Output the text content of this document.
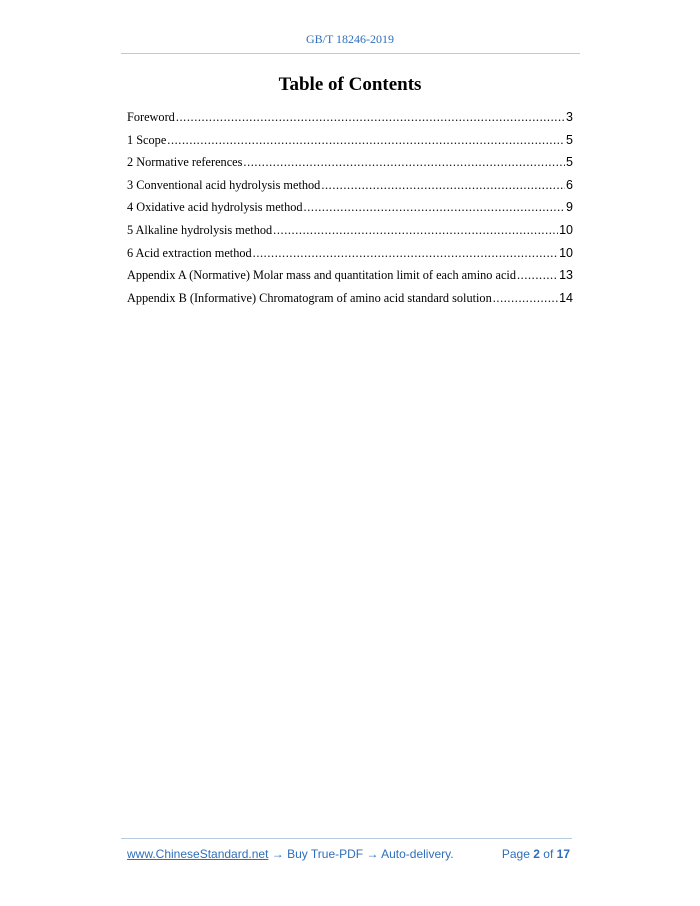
GB/T 18246-2019
Table of Contents
Foreword .....	3
1 Scope .....	5
2 Normative references .....	5
3 Conventional acid hydrolysis method .....	6
4 Oxidative acid hydrolysis method .....	9
5 Alkaline hydrolysis method .....	10
6 Acid extraction method .....	10
Appendix A (Normative) Molar mass and quantitation limit of each amino acid .....	13
Appendix B (Informative) Chromatogram of amino acid standard solution .....	14
www.ChineseStandard.net → Buy True-PDF → Auto-delivery.	Page 2 of 17
